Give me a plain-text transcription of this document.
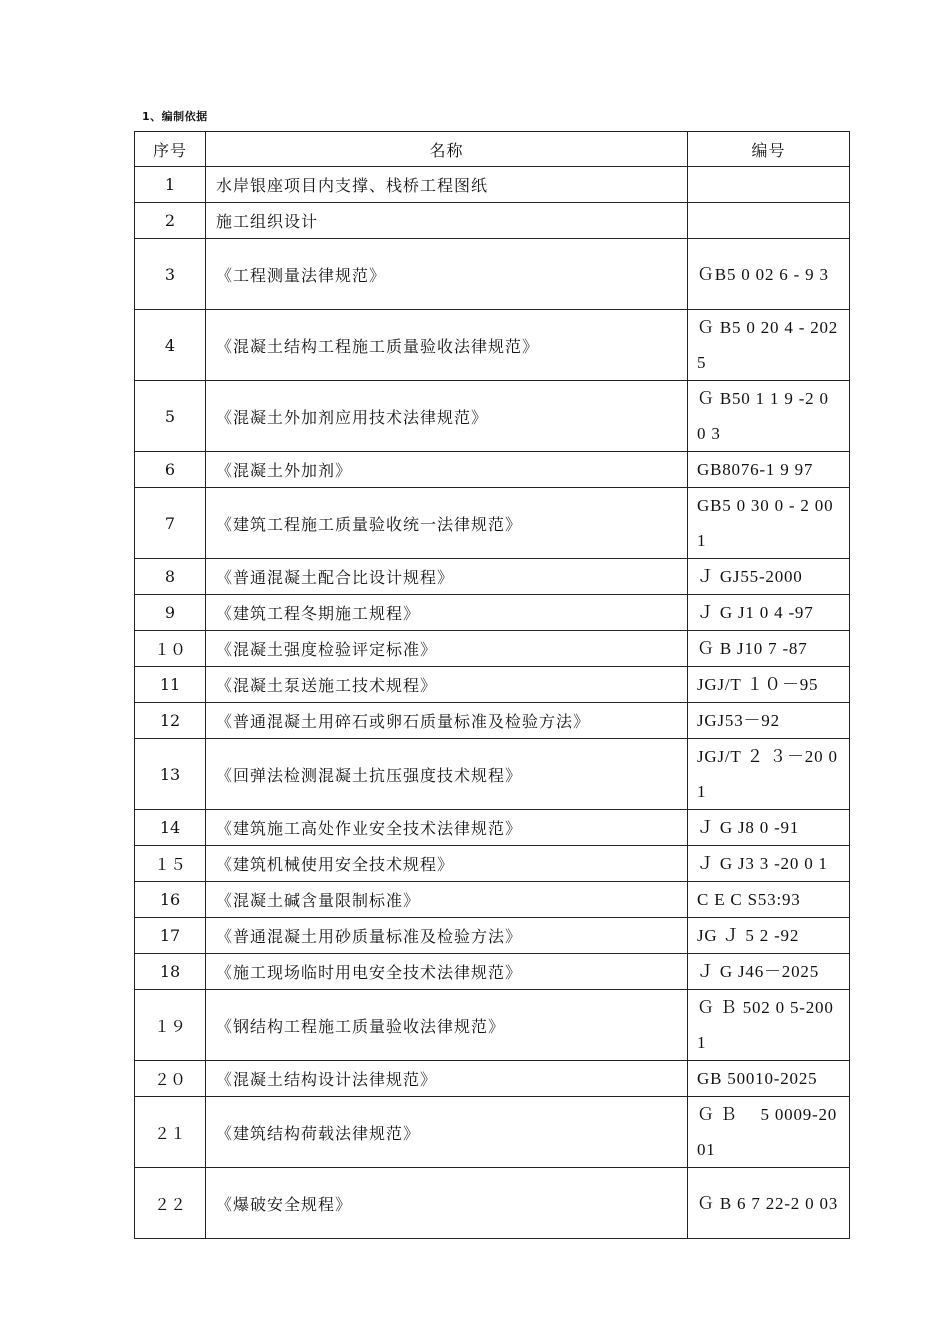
1、编制依据
序号	名称	编号
1	水岸银座项目内支撑、栈桥工程图纸	
2	施工组织设计	
3	《工程测量法律规范》	ＧB5 0 02 6 - 9 3
4	《混凝土结构工程施工质量验收法律规范》	Ｇ B5 0 20 4 - 2025
5	《混凝土外加剂应用技术法律规范》	Ｇ B50 1 1 9 -2 0 0 3
6	《混凝土外加剂》	GB8076-1 9 97
7	《建筑工程施工质量验收统一法律规范》	GB5 0 30 0 - 2 001
8	《普通混凝土配合比设计规程》	Ｊ GJ55-2000
9	《建筑工程冬期施工规程》	Ｊ G J1 0 4 -97
１０	《混凝土强度检验评定标准》	Ｇ B J10 7 -87
11	《混凝土泵送施工技术规程》	JGJ/T １０－95
12	《普通混凝土用碎石或卵石质量标准及检验方法》	JGJ53－92
13	《回弹法检测混凝土抗压强度技术规程》	JGJ/T ２ ３－20 0 1
14	《建筑施工高处作业安全技术法律规范》	Ｊ G J8 0 -91
１５	《建筑机械使用安全技术规程》	Ｊ G J3 3 -20 0 1
16	《混凝土碱含量限制标准》	C E C S53:93
17	《普通混凝土用砂质量标准及检验方法》	JG Ｊ 5 2 -92
18	《施工现场临时用电安全技术法律规范》	Ｊ G J46－2025
１９	《钢结构工程施工质量验收法律规范》	Ｇ Ｂ 502 0 5-2001
２０	《混凝土结构设计法律规范》	GB 50010-2025
２１	《建筑结构荷载法律规范》	Ｇ Ｂ　 5 0009-2001
２２	《爆破安全规程》	Ｇ B 6 7 22-2 0 03
